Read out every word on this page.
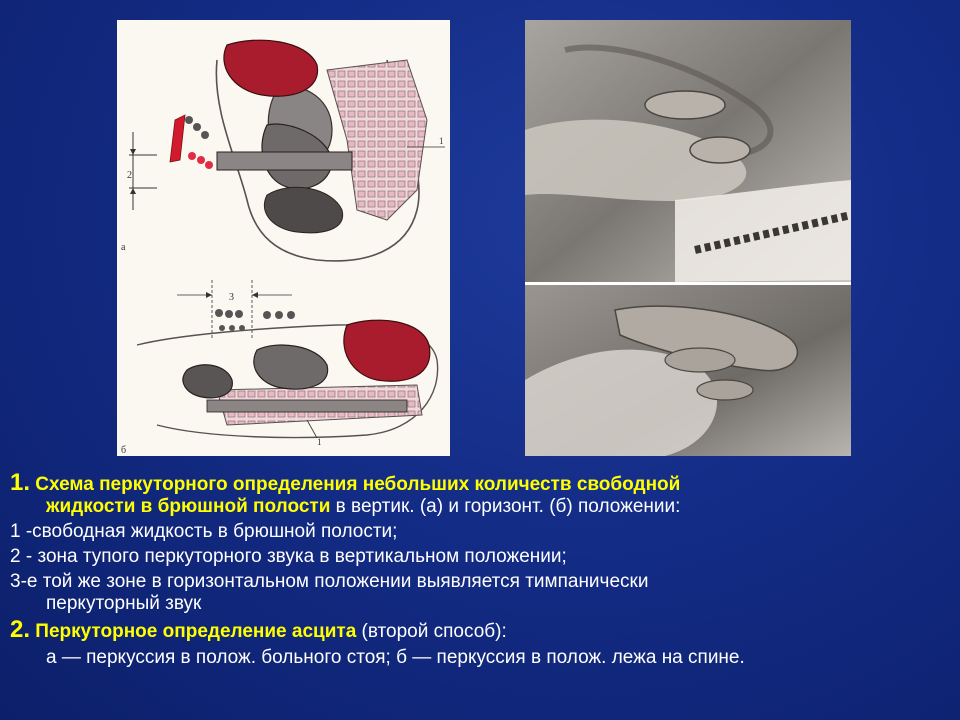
2
1
а
3
1
б
1. Схема перкуторного определения небольших количеств свободной
жидкости в брюшной полости в вертик. (а) и горизонт. (б) положении:
1 -свободная жидкость в брюшной полости;
2 - зона тупого перкуторного звука в вертикальном положении;
3-е той же зоне в горизонтальном положении выявляется тимпанически
перкуторный звук
2. Перкуторное определение асцита (второй способ):
а — перкуссия в полож. больного стоя; б — перкуссия в полож. лежа на спине.
